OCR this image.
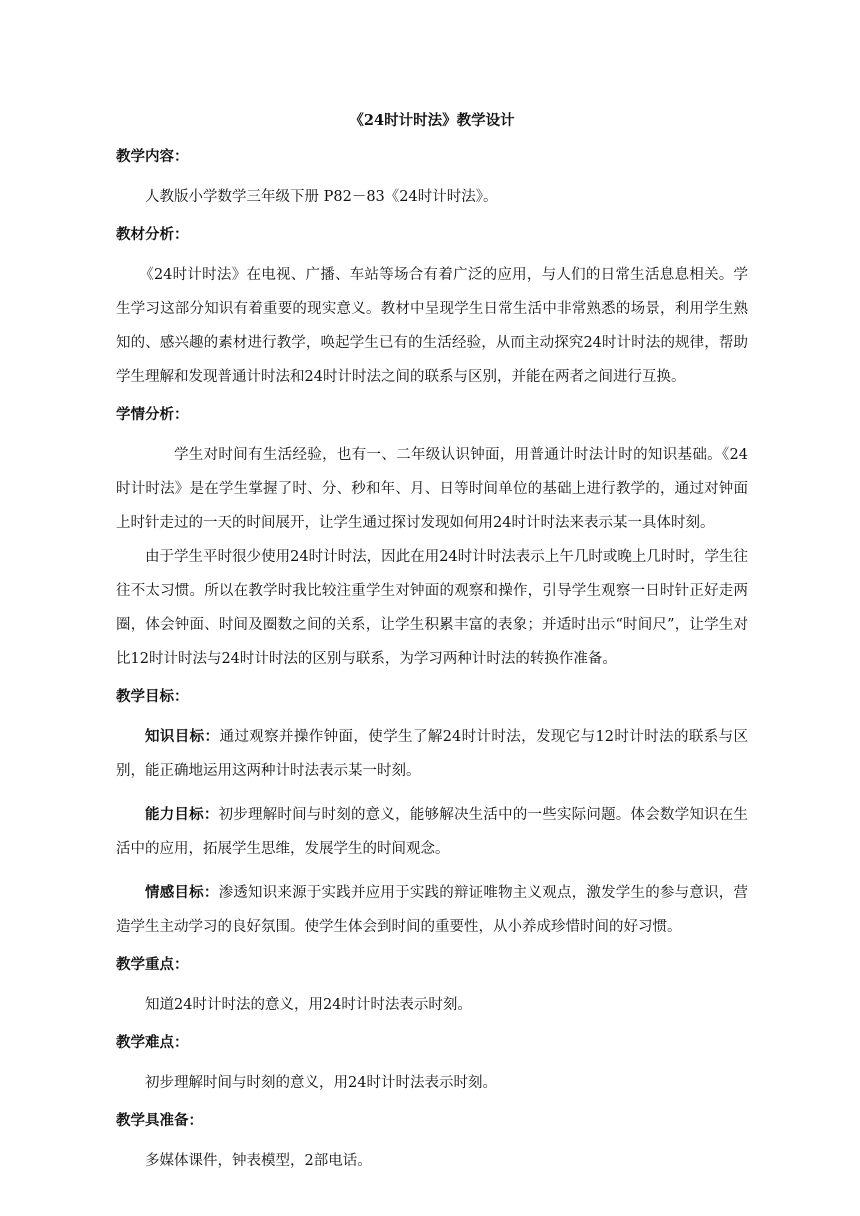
《24时计时法》教学设计
教学内容：

人教版小学数学三年级下册 P82－83《24时计时法》。

教材分析：

《24时计时法》在电视、广播、车站等场合有着广泛的应用，与人们的日常生活息息相关。学生学习这部分知识有着重要的现实意义。教材中呈现学生日常生活中非常熟悉的场景，利用学生熟知的、感兴趣的素材进行教学，唤起学生已有的生活经验，从而主动探究24时计时法的规律，帮助学生理解和发现普通计时法和24时计时法之间的联系与区别，并能在两者之间进行互换。

学情分析：

学生对时间有生活经验，也有一、二年级认识钟面，用普通计时法计时的知识基础。《24时计时法》是在学生掌握了时、分、秒和年、月、日等时间单位的基础上进行教学的，通过对钟面上时针走过的一天的时间展开，让学生通过探讨发现如何用24时计时法来表示某一具体时刻。

由于学生平时很少使用24时计时法，因此在用24时计时法表示上午几时或晚上几时时，学生往往不太习惯。所以在教学时我比较注重学生对钟面的观察和操作，引导学生观察一日时针正好走两圈，体会钟面、时间及圈数之间的关系，让学生积累丰富的表象；并适时出示“时间尺”，让学生对比12时计时法与24时计时法的区别与联系，为学习两种计时法的转换作准备。

教学目标：

知识目标：通过观察并操作钟面，使学生了解24时计时法，发现它与12时计时法的联系与区别，能正确地运用这两种计时法表示某一时刻。

能力目标：初步理解时间与时刻的意义，能够解决生活中的一些实际问题。体会数学知识在生活中的应用，拓展学生思维，发展学生的时间观念。

情感目标：渗透知识来源于实践并应用于实践的辩证唯物主义观点，激发学生的参与意识，营造学生主动学习的良好氛围。使学生体会到时间的重要性，从小养成珍惜时间的好习惯。

教学重点：

知道24时计时法的意义，用24时计时法表示时刻。

教学难点：

初步理解时间与时刻的意义，用24时计时法表示时刻。

教学具准备：

多媒体课件，钟表模型，2部电话。
